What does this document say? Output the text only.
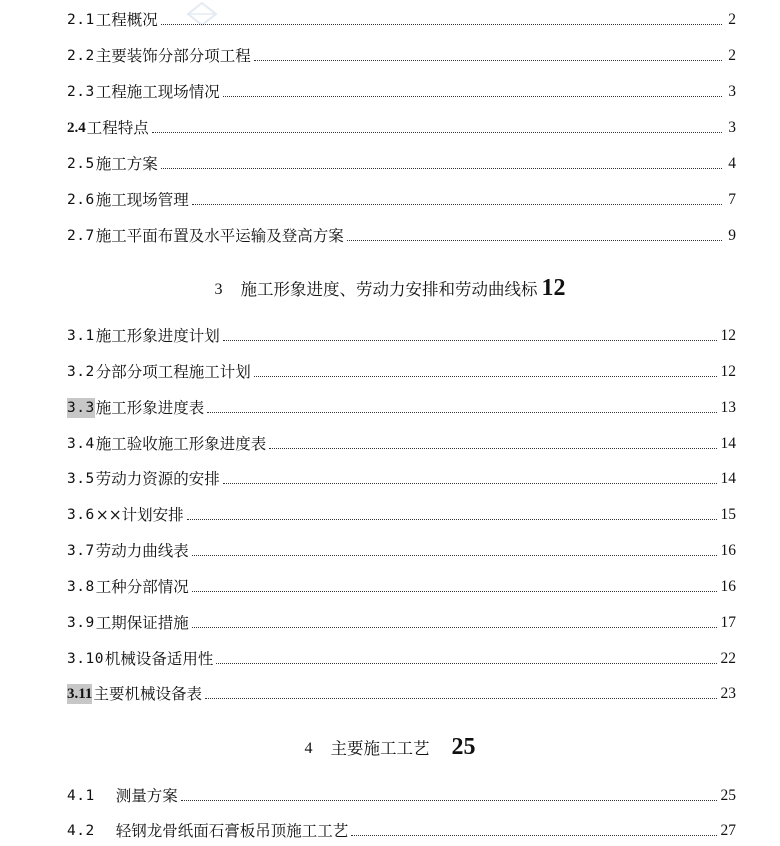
2.1 工程概况	2
2.2 主要装饰分部分项工程	2
2.3 工程施工现场情况	3
2.4 工程特点	3
2.5 施工方案	4
2.6 施工现场管理	7
2.7 施工平面布置及水平运输及登高方案	9
3 施工形象进度、劳动力安排和劳动曲线标 12
3.1 施工形象进度计划	12
3.2 分部分项工程施工计划	12
3.3 施工形象进度表	13
3.4 施工验收施工形象进度表	14
3.5 劳动力资源的安排	14
3.6 ××计划安排	15
3.7 劳动力曲线表	16
3.8 工种分部情况	16
3.9 工期保证措施	17
3.10 机械设备适用性	22
3.11 主要机械设备表	23
4 主要施工工艺 25
4.1 测量方案	25
4.2 轻钢龙骨纸面石膏板吊顶施工工艺	27
